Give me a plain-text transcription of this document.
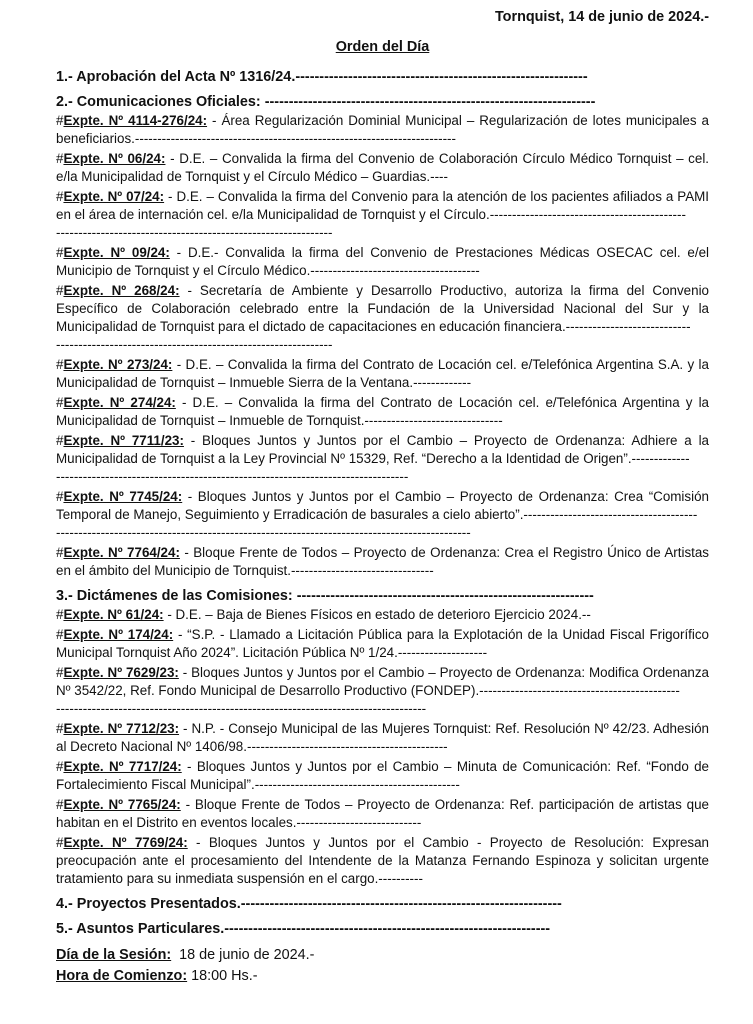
Tornquist, 14 de junio de 2024.-
Orden del Día
1.- Aprobación del Acta Nº 1316/24.-------------------------------------------------------------
2.- Comunicaciones Oficiales: ---------------------------------------------------------------------
#Expte. Nº 4114-276/24: - Área Regularización Dominial Municipal – Regularización de lotes municipales a beneficiarios.------------------------------------------------------------------------
#Expte. Nº 06/24: - D.E. – Convalida la firma del Convenio de Colaboración Círculo Médico Tornquist – cel. e/la Municipalidad de Tornquist y el Círculo Médico – Guardias.----
#Expte. Nº 07/24: - D.E. – Convalida la firma del Convenio para la atención de los pacientes afiliados a PAMI en el área de internación cel. e/la Municipalidad de Tornquist y el Círculo.--------------------------------------------
--------------------------------------------------------------
#Expte. Nº 09/24: - D.E.- Convalida la firma del Convenio de Prestaciones Médicas OSECAC cel. e/el Municipio de Tornquist y el Círculo Médico.--------------------------------------
#Expte. Nº 268/24: - Secretaría de Ambiente y Desarrollo Productivo, autoriza la firma del Convenio Específico de Colaboración celebrado entre la Fundación de la Universidad Nacional del Sur y la Municipalidad de Tornquist para el dictado de capacitaciones en educación financiera.----------------------------
--------------------------------------------------------------
#Expte. Nº 273/24: - D.E. – Convalida la firma del Contrato de Locación cel. e/Telefónica Argentina S.A. y la Municipalidad de Tornquist – Inmueble Sierra de la Ventana.-------------
#Expte. Nº 274/24: - D.E. – Convalida la firma del Contrato de Locación cel. e/Telefónica Argentina y la Municipalidad de Tornquist – Inmueble de Tornquist.-------------------------------
#Expte. Nº 7711/23: - Bloques Juntos y Juntos por el Cambio – Proyecto de Ordenanza: Adhiere a la Municipalidad de Tornquist a la Ley Provincial Nº 15329, Ref. “Derecho a la Identidad de Origen”.-------------
-------------------------------------------------------------------------------
#Expte. Nº 7745/24: - Bloques Juntos y Juntos por el Cambio – Proyecto de Ordenanza: Crea “Comisión Temporal de Manejo, Seguimiento y Erradicación de basurales a cielo abierto”.---------------------------------------
---------------------------------------------------------------------------------------------
#Expte. Nº 7764/24: - Bloque Frente de Todos – Proyecto de Ordenanza: Crea el Registro Único de Artistas en el ámbito del Municipio de Tornquist.--------------------------------
3.- Dictámenes de las Comisiones: --------------------------------------------------------------
#Expte. Nº 61/24: - D.E. – Baja de Bienes Físicos en estado de deterioro Ejercicio 2024.--
#Expte. Nº 174/24: - “S.P. - Llamado a Licitación Pública para la Explotación de la Unidad Fiscal Frigorífico Municipal Tornquist Año 2024”. Licitación Pública Nº 1/24.--------------------
#Expte. Nº 7629/23: - Bloques Juntos y Juntos por el Cambio – Proyecto de Ordenanza: Modifica Ordenanza Nº 3542/22, Ref. Fondo Municipal de Desarrollo Productivo (FONDEP).---------------------------------------------
-----------------------------------------------------------------------------------
#Expte. Nº 7712/23: - N.P. - Consejo Municipal de las Mujeres Tornquist: Ref. Resolución Nº 42/23. Adhesión al Decreto Nacional Nº 1406/98.---------------------------------------------
#Expte. Nº 7717/24: - Bloques Juntos y Juntos por el Cambio – Minuta de Comunicación: Ref. “Fondo de Fortalecimiento Fiscal Municipal”.----------------------------------------------
#Expte. Nº 7765/24: - Bloque Frente de Todos – Proyecto de Ordenanza: Ref. participación de artistas que habitan en el Distrito en eventos locales.----------------------------
#Expte. Nº 7769/24: - Bloques Juntos y Juntos por el Cambio - Proyecto de Resolución: Expresan preocupación ante el procesamiento del Intendente de la Matanza Fernando Espinoza y solicitan urgente tratamiento para su inmediata suspensión en el cargo.----------
4.- Proyectos Presentados.-------------------------------------------------------------------
5.- Asuntos Particulares.--------------------------------------------------------------------
Día de la Sesión:  18 de junio de 2024.-
Hora de Comienzo: 18:00 Hs.-
